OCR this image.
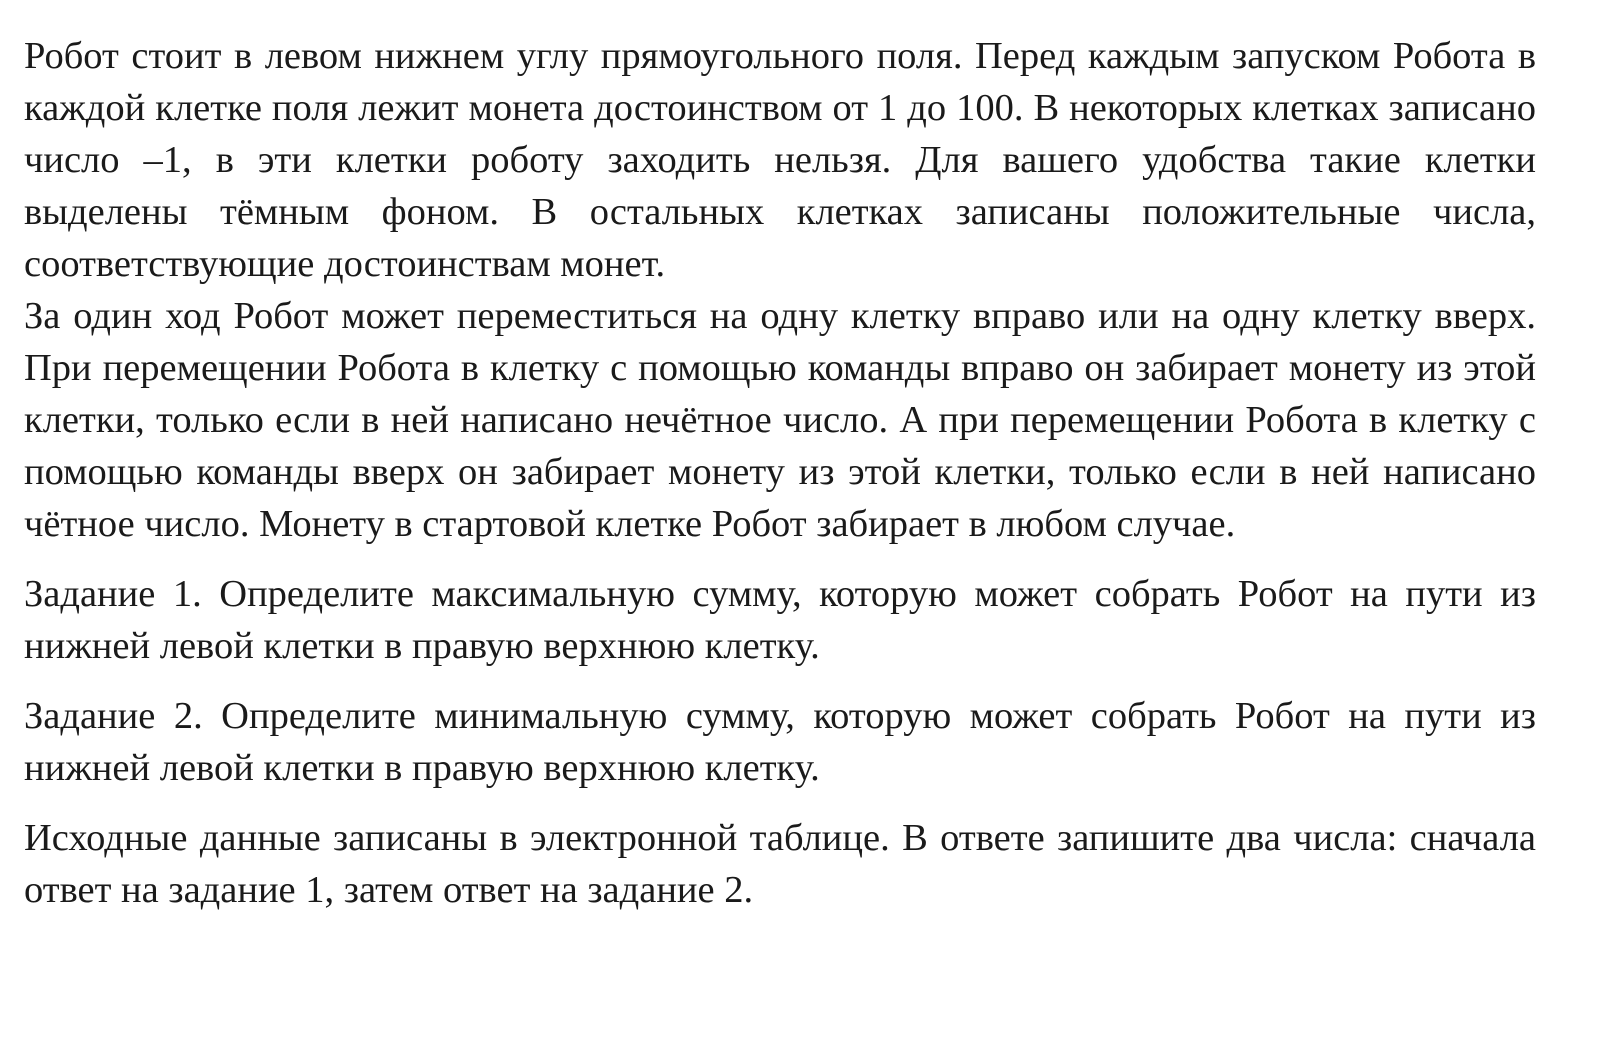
Робот стоит в левом нижнем углу прямоугольного поля. Перед каждым запуском Робота в каждой клетке поля лежит монета достоинством от 1 до 100. В некоторых клетках записано число –1, в эти клетки роботу заходить нельзя. Для вашего удобства такие клетки выделены тёмным фоном. В остальных клетках записаны положительные числа, соответствующие достоинствам монет.

За один ход Робот может переместиться на одну клетку вправо или на одну клетку вверх. При перемещении Робота в клетку с помощью команды вправо он забирает монету из этой клетки, только если в ней написано нечётное число. А при перемещении Робота в клетку с помощью команды вверх он забирает монету из этой клетки, только если в ней написано чётное число. Монету в стартовой клетке Робот забирает в любом случае.

Задание 1. Определите максимальную сумму, которую может собрать Робот на пути из нижней левой клетки в правую верхнюю клетку.

Задание 2. Определите минимальную сумму, которую может собрать Робот на пути из нижней левой клетки в правую верхнюю клетку.

Исходные данные записаны в электронной таблице. В ответе запишите два числа: сначала ответ на задание 1, затем ответ на задание 2.
